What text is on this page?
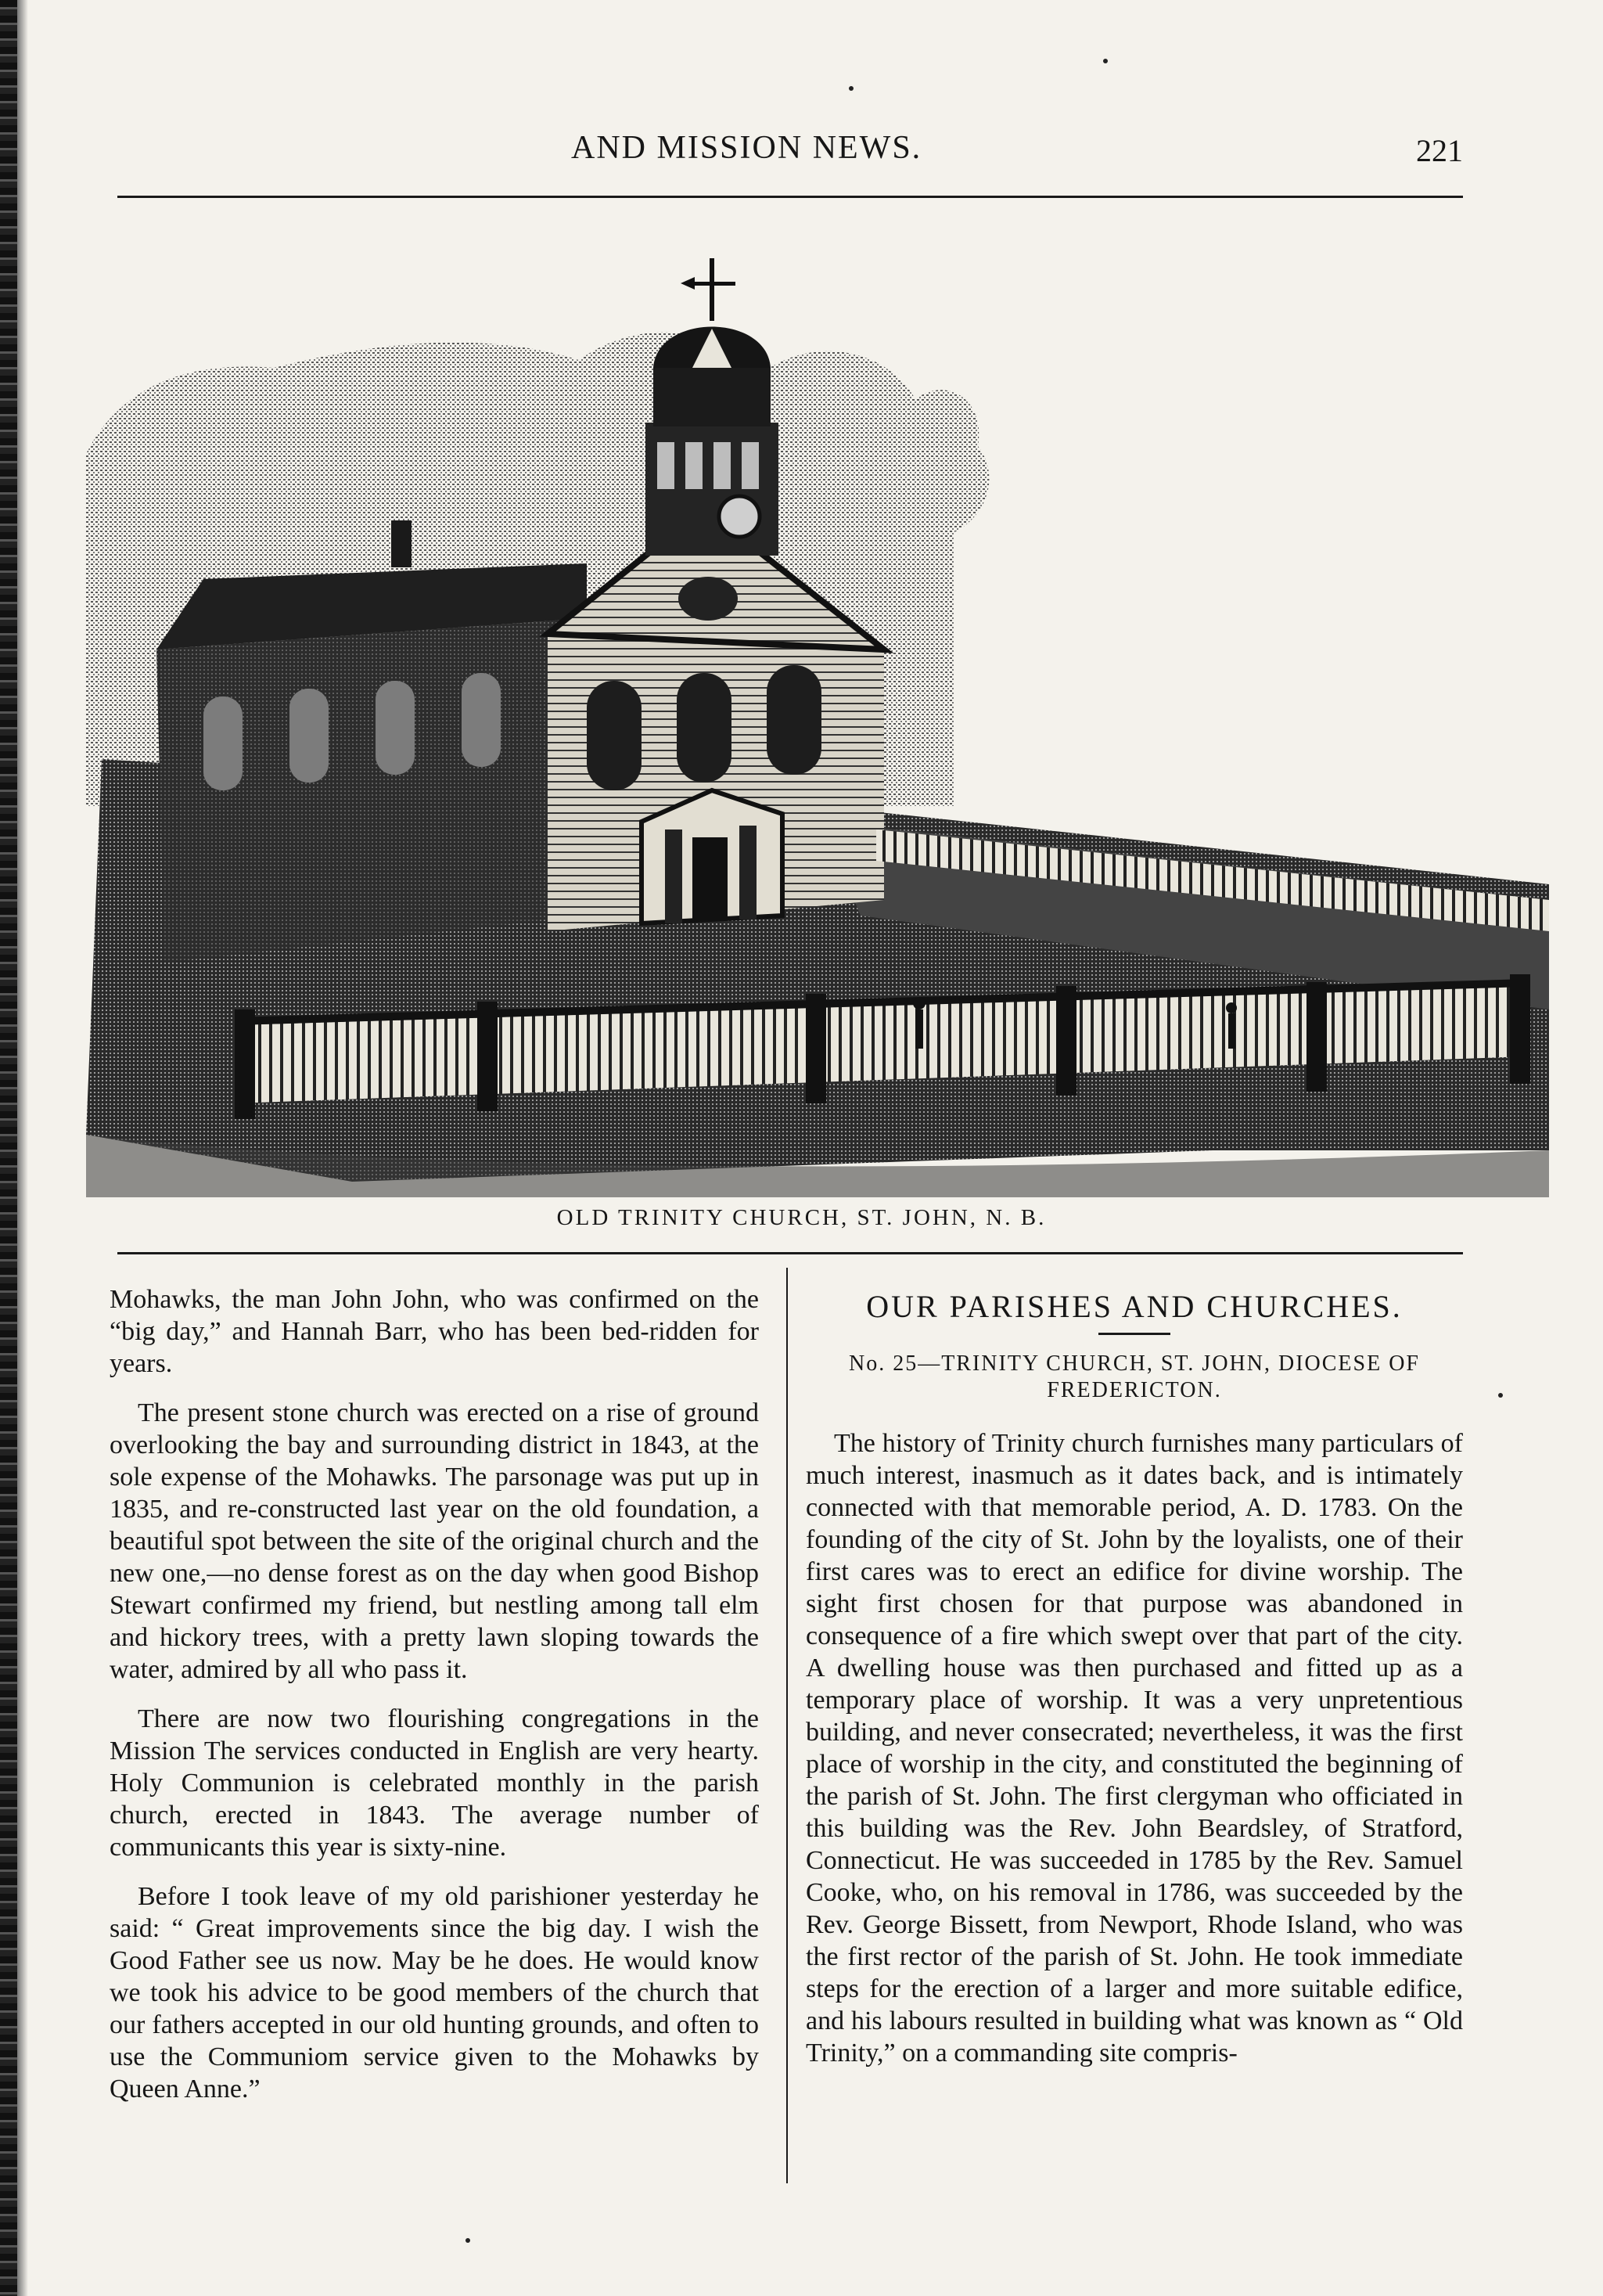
AND MISSION NEWS.	221
OLD TRINITY CHURCH, ST. JOHN, N. B.

Mohawks, the man John John, who was confirmed on the “big day,” and Hannah Barr, who has been bed-ridden for years.

The present stone church was erected on a rise of ground overlooking the bay and surrounding district in 1843, at the sole expense of the Mohawks. The parsonage was put up in 1835, and re-constructed last year on the old foundation, a beautiful spot between the site of the original church and the new one,—no dense forest as on the day when good Bishop Stewart confirmed my friend, but nestling among tall elm and hickory trees, with a pretty lawn sloping towards the water, admired by all who pass it.

There are now two flourishing congregations in the Mission The services conducted in English are very hearty. Holy Communion is celebrated monthly in the parish church, erected in 1843. The average number of communicants this year is sixty-nine.

Before I took leave of my old parishioner yesterday he said: “ Great improvements since the big day. I wish the Good Father see us now. May be he does. He would know we took his advice to be good members of the church that our fathers accepted in our old hunting grounds, and often to use the Communiom service given to the Mohawks by Queen Anne.”

OUR PARISHES AND CHURCHES.
No. 25—TRINITY CHURCH, ST. JOHN, DIOCESE OF FREDERICTON.

The history of Trinity church furnishes many particulars of much interest, inasmuch as it dates back, and is intimately connected with that memorable period, A. D. 1783. On the founding of the city of St. John by the loyalists, one of their first cares was to erect an edifice for divine worship. The sight first chosen for that purpose was abandoned in consequence of a fire which swept over that part of the city. A dwelling house was then purchased and fitted up as a temporary place of worship. It was a very unpretentious building, and never consecrated; nevertheless, it was the first place of worship in the city, and constituted the beginning of the parish of St. John. The first clergyman who officiated in this building was the Rev. John Beardsley, of Stratford, Connecticut. He was succeeded in 1785 by the Rev. Samuel Cooke, who, on his removal in 1786, was succeeded by the Rev. George Bissett, from Newport, Rhode Island, who was the first rector of the parish of St. John. He took immediate steps for the erection of a larger and more suitable edifice, and his labours resulted in building what was known as “ Old Trinity,” on a commanding site compris-
